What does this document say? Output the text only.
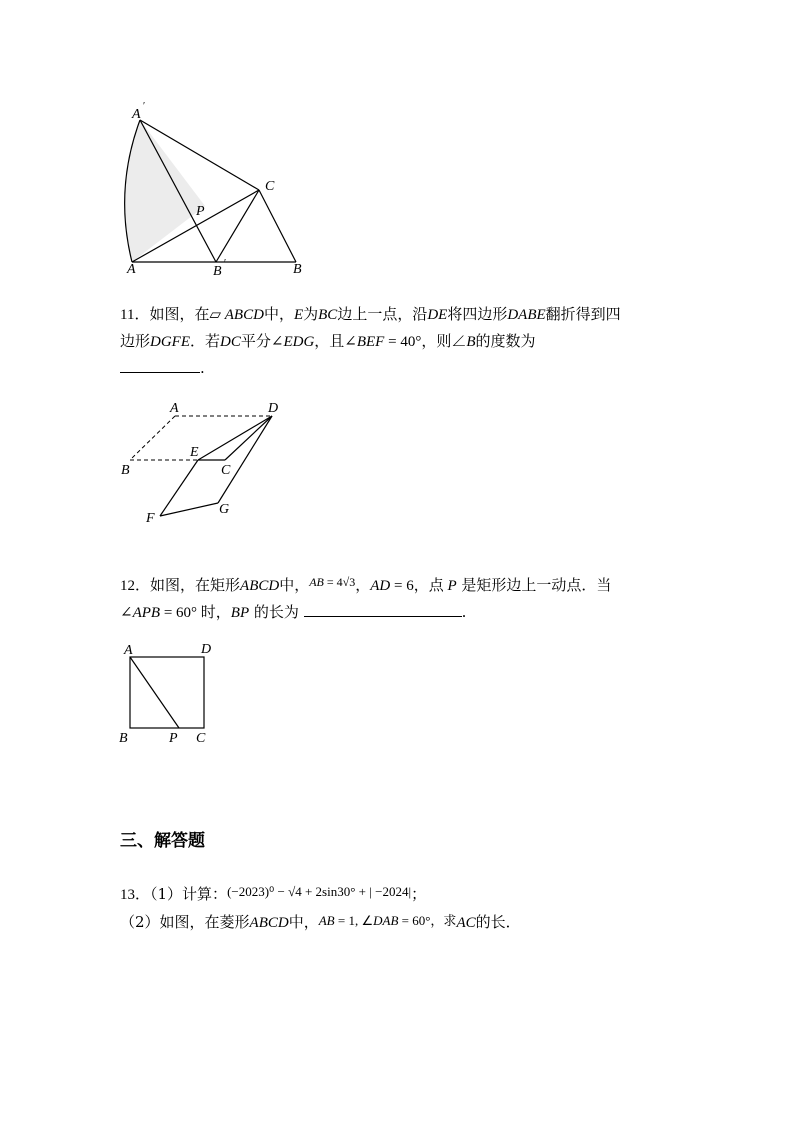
A
′
C
P
A	B
′	B
11．如图，在▱ ABCD中，E为BC边上一点，沿DE将四边形DABE翻折得到四
边形DGFE．若DC平分∠EDG，且∠BEF = 40°，则∠B的度数为
.
A	D
B
E
C
F
G
12．如图，在矩形ABCD中，$^{AB = 4√3}$，AD = 6，点 P 是矩形边上一动点．当
∠APB = 60° 时，BP 的长为	.
A	D
B	P C
三、解答题
13．（1）计算：(−2023)⁰ − √4 + 2sin30° + | −2024|；
（2）如图，在菱形ABCD中，AB = 1, ∠DAB = 60°，求AC的长．
